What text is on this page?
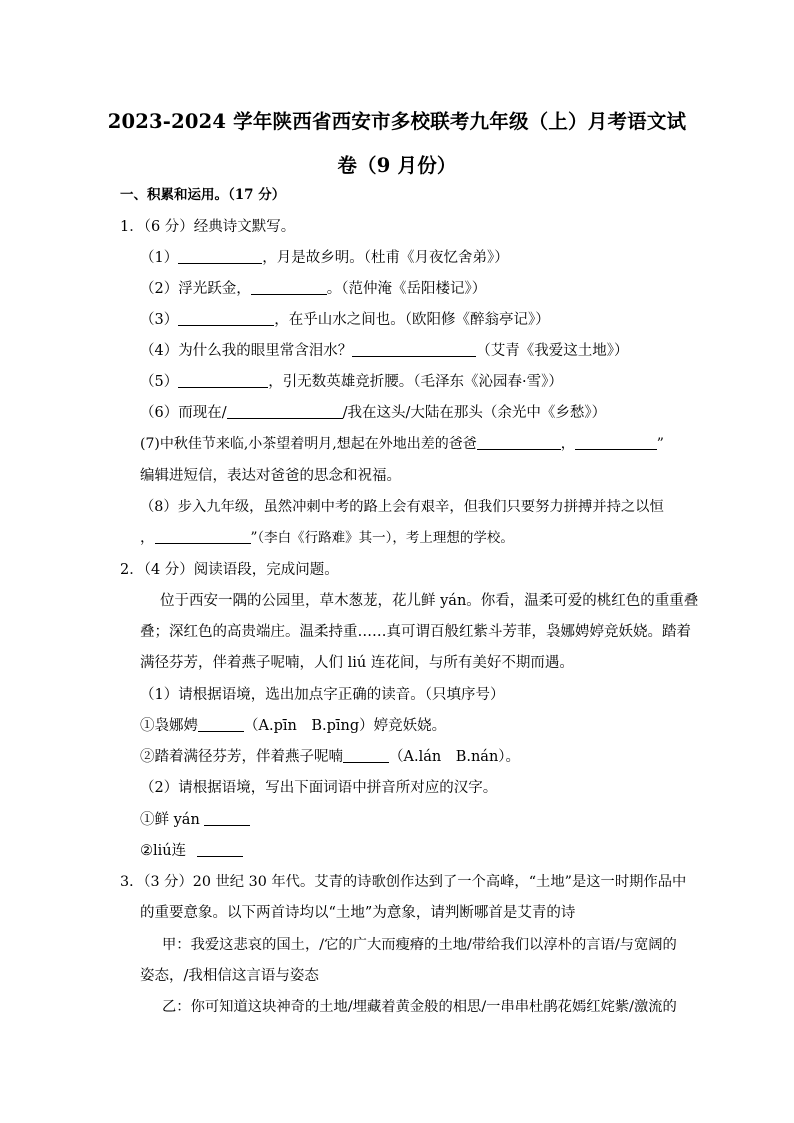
2023-2024 学年陕西省西安市多校联考九年级（上）月考语文试
卷（9 月份）
一、积累和运用。（17 分）
1．（6 分）经典诗文默写。
（1）	，月是故乡明。（杜甫《月夜忆舍弟》）
（2）浮光跃金，	。（范仲淹《岳阳楼记》）
（3）	，在乎山水之间也。（欧阳修《醉翁亭记》）
（4）为什么我的眼里常含泪水？	（艾青《我爱这土地》）
（5）	，引无数英雄竞折腰。（毛泽东《沁园春·雪》）
（6）而现在/	/我在这头/大陆在那头（余光中《乡愁》）
(7)中秋佳节来临,小茶望着明月,想起在外地出差的爸爸	，	”
编辑进短信，表达对爸爸的思念和祝福。
（8）步入九年级，虽然冲刺中考的路上会有艰辛，但我们只要努力拼搏并持之以恒
，	”（李白《行路难》其一），考上理想的学校。
2．（4 分）阅读语段，完成问题。
位于西安一隅的公园里，草木葱茏，花儿鲜 yán。你看，温柔可爱的桃红色的重重叠
叠；深红色的高贵端庄。温柔持重……真可谓百般红紫斗芳菲，袅娜娉婷竞妖娆。踏着
满径芬芳，伴着燕子呢喃，人们 liú 连花间，与所有美好不期而遇。
（1）请根据语境，选出加点字正确的读音。（只填序号）
①袅娜娉	（A.pīn　B.pīng）婷竞妖娆。
②踏着满径芬芳，伴着燕子呢喃	（A.lán　B.nán）。
（2）请根据语境，写出下面词语中拼音所对应的汉字。
①鲜 yán
②liú连
3．（3 分）20 世纪 30 年代。艾青的诗歌创作达到了一个高峰，“土地”是这一时期作品中
的重要意象。以下两首诗均以“土地”为意象，请判断哪首是艾青的诗
甲：我爱这悲哀的国土，/它的广大而瘦瘠的土地/带给我们以淳朴的言语/与宽阔的
姿态，/我相信这言语与姿态
乙：你可知道这块神奇的土地/埋藏着黄金般的相思/一串串杜鹃花嫣红姹紫/激流的
